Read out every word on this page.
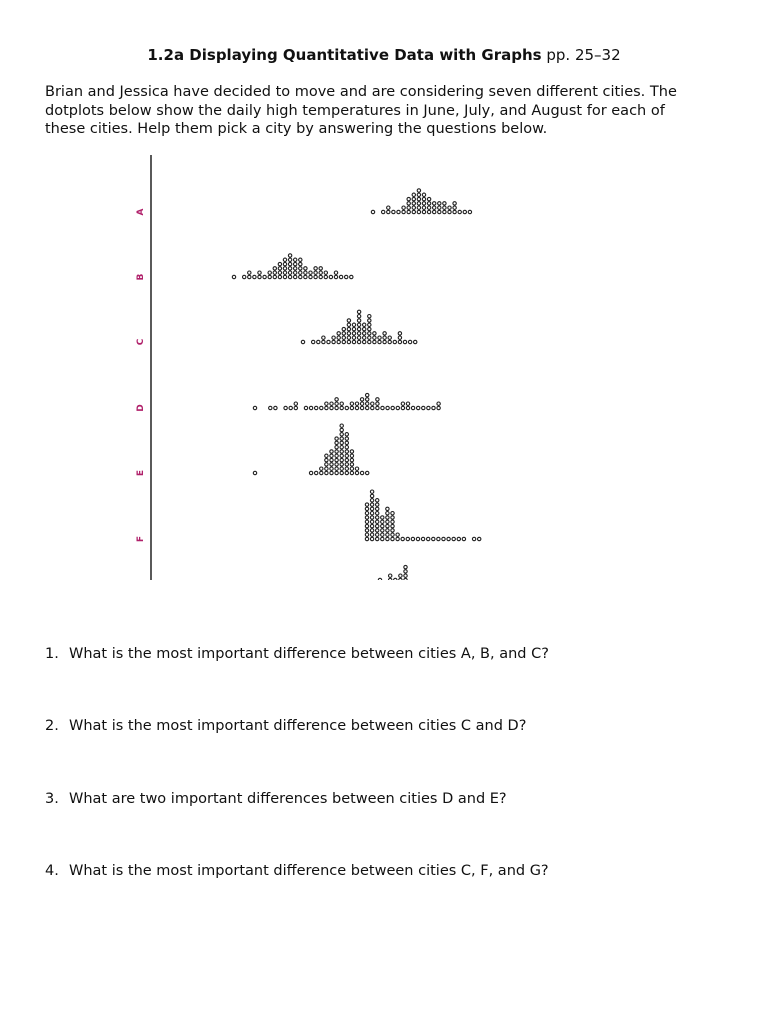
1.2a Displaying Quantitative Data with Graphs pp. 25–32
Brian and Jessica have decided to move and are considering seven different cities. The
dotplots below show the daily high temperatures in June, July, and August for each of
these cities. Help them pick a city by answering the questions below.
A
B
C
D
E
F
1. What is the most important difference between cities A, B, and C?
2. What is the most important difference between cities C and D?
3. What are two important differences between cities D and E?
4. What is the most important difference between cities C, F, and G?
